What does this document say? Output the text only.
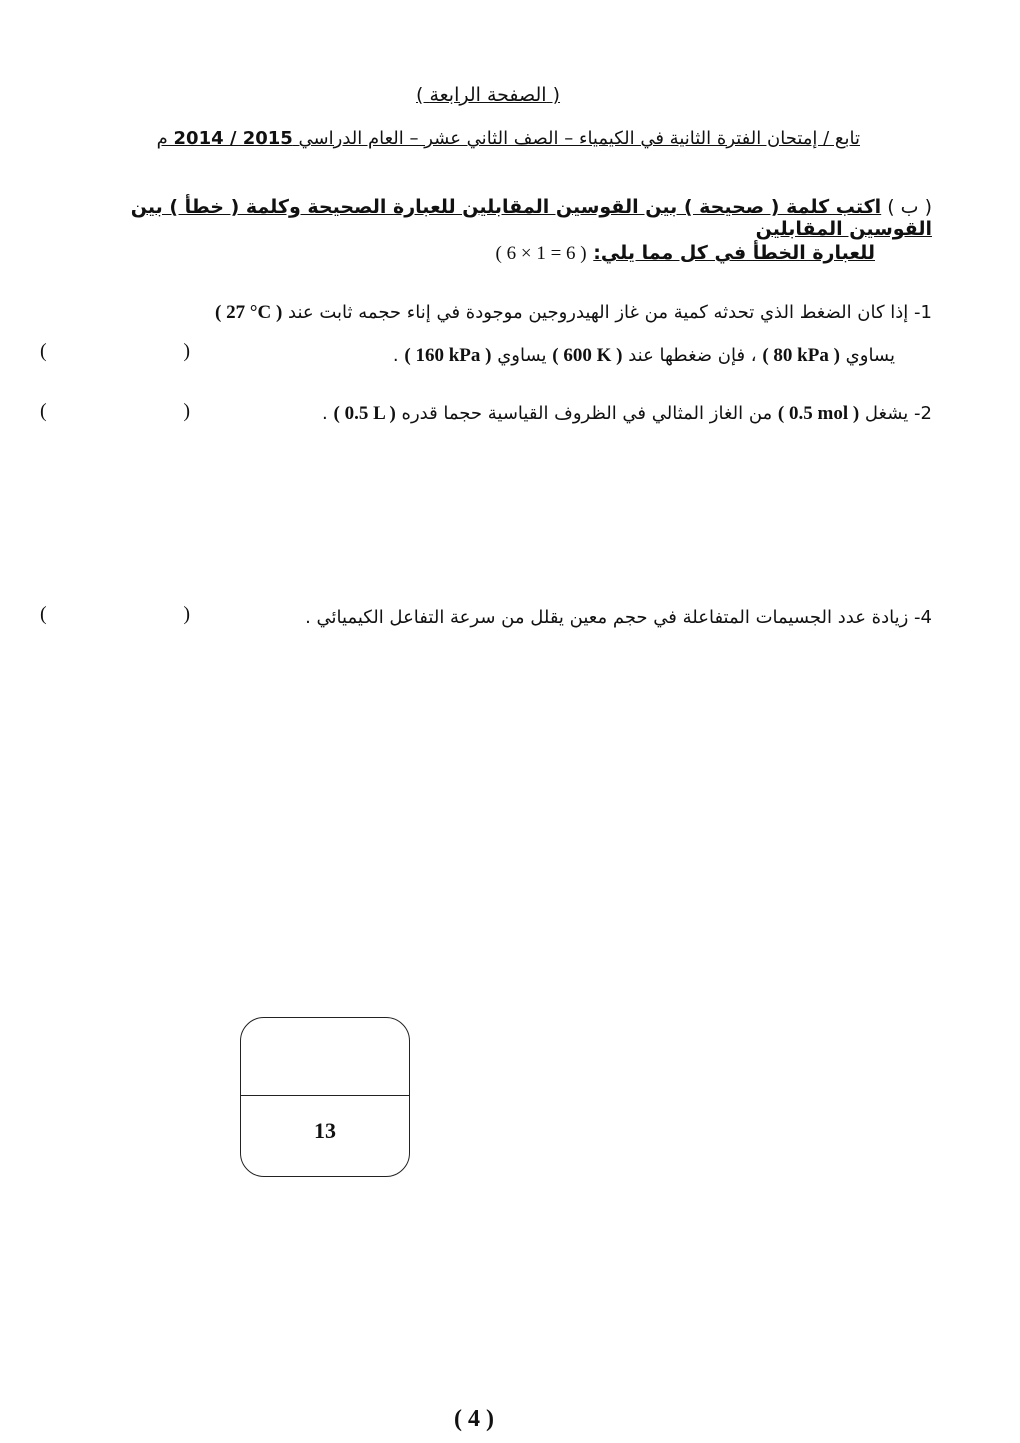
( الصفحة الرابعة )
تابع / إمتحان الفترة الثانية في الكيمياء – الصف الثاني عشر – العام الدراسي 2014 / 2015 م
( ب )اكتب كلمة ( صحيحة ) بين القوسين المقابلين للعبارة الصحيحة وكلمة ( خطأ ) بين القوسين المقابلين
للعبارة الخطأ في كل مما يلي: ( 6 × 1 = 6 )
1- إذا كان الضغط الذي تحدثه كمية من غاز الهيدروجين موجودة في إناء حجمه ثابت عند ( 27 °C )
يساوي ( 80 kPa ) ، فإن ضغطها عند ( 600 K ) يساوي ( 160 kPa ) .
(	)
2- يشغل ( 0.5 mol ) من الغاز المثالي في الظروف القياسية حجما قدره ( 0.5 L ) .
(	)
4- زيادة عدد الجسيمات المتفاعلة في حجم معين يقلل من سرعة التفاعل الكيميائي .
(	)
13
( 4 )
